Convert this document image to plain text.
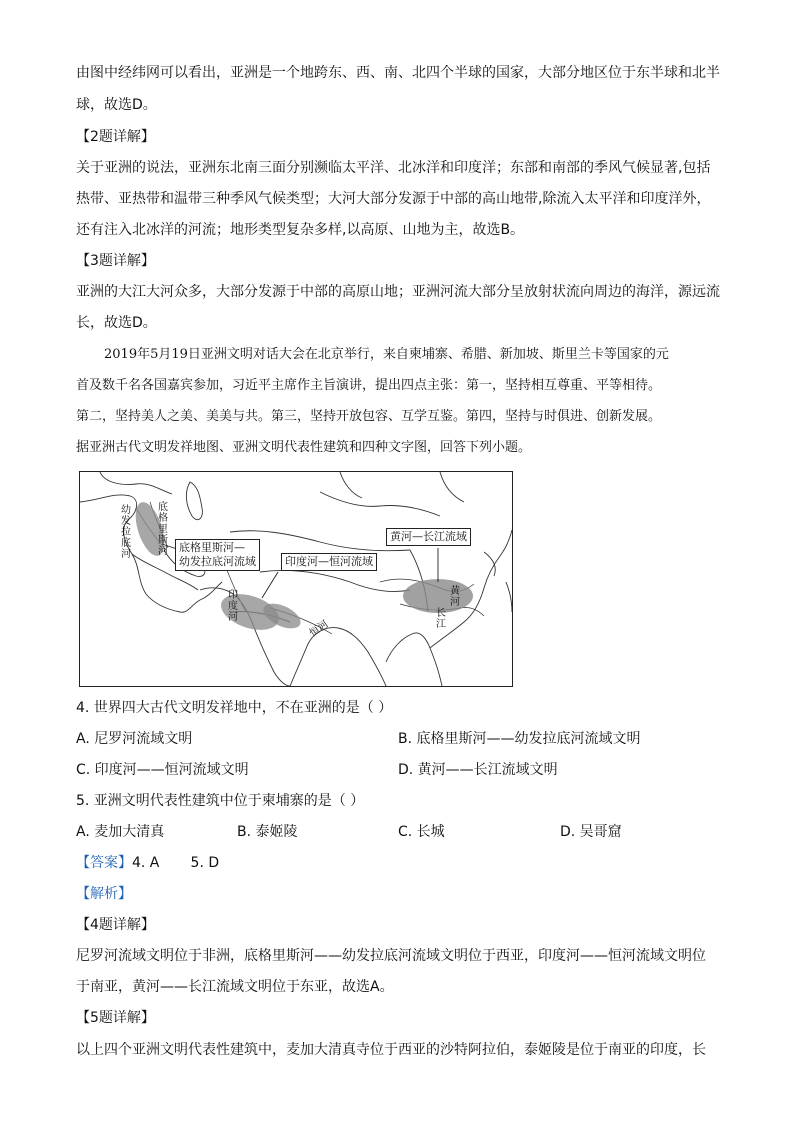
由图中经纬网可以看出，亚洲是一个地跨东、西、南、北四个半球的国家，大部分地区位于东半球和北半
球，故选D。
【2题详解】
关于亚洲的说法，亚洲东北南三面分别濒临太平洋、北冰洋和印度洋；东部和南部的季风气候显著,包括
热带、亚热带和温带三种季风气候类型；大河大部分发源于中部的高山地带,除流入太平洋和印度洋外，
还有注入北冰洋的河流；地形类型复杂多样,以高原、山地为主，故选B。
【3题详解】
亚洲的大江大河众多，大部分发源于中部的高原山地；亚洲河流大部分呈放射状流向周边的海洋，源远流
长，故选D。
2019年5月19日亚洲文明对话大会在北京举行，来自柬埔寨、希腊、新加坡、斯里兰卡等国家的元
首及数千名各国嘉宾参加，习近平主席作主旨演讲，提出四点主张：第一，坚持相互尊重、平等相待。
第二，坚持美人之美、美美与共。第三，坚持开放包容、互学互鉴。第四，坚持与时俱进、创新发展。
据亚洲古代文明发祥地图、亚洲文明代表性建筑和四种文字图，回答下列小题。
底格里斯河—
幼发拉底河流域	印度河—恒河流域
黄河—长江流域
幼发拉底河
底格里斯河
印度河
恒河
黄河
长江
4. 世界四大古代文明发祥地中，不在亚洲的是（ ）
A. 尼罗河流域文明	B. 底格里斯河——幼发拉底河流域文明
C. 印度河——恒河流域文明	D. 黄河——长江流域文明
5. 亚洲文明代表性建筑中位于柬埔寨的是（ ）
A. 麦加大清真	B. 泰姬陵	C. 长城	D. 吴哥窟
【答案】4. A       5. D
【解析】
【4题详解】
尼罗河流域文明位于非洲，底格里斯河——幼发拉底河流域文明位于西亚，印度河——恒河流域文明位
于南亚，黄河——长江流域文明位于东亚，故选A。
【5题详解】
以上四个亚洲文明代表性建筑中，麦加大清真寺位于西亚的沙特阿拉伯，泰姬陵是位于南亚的印度，长
